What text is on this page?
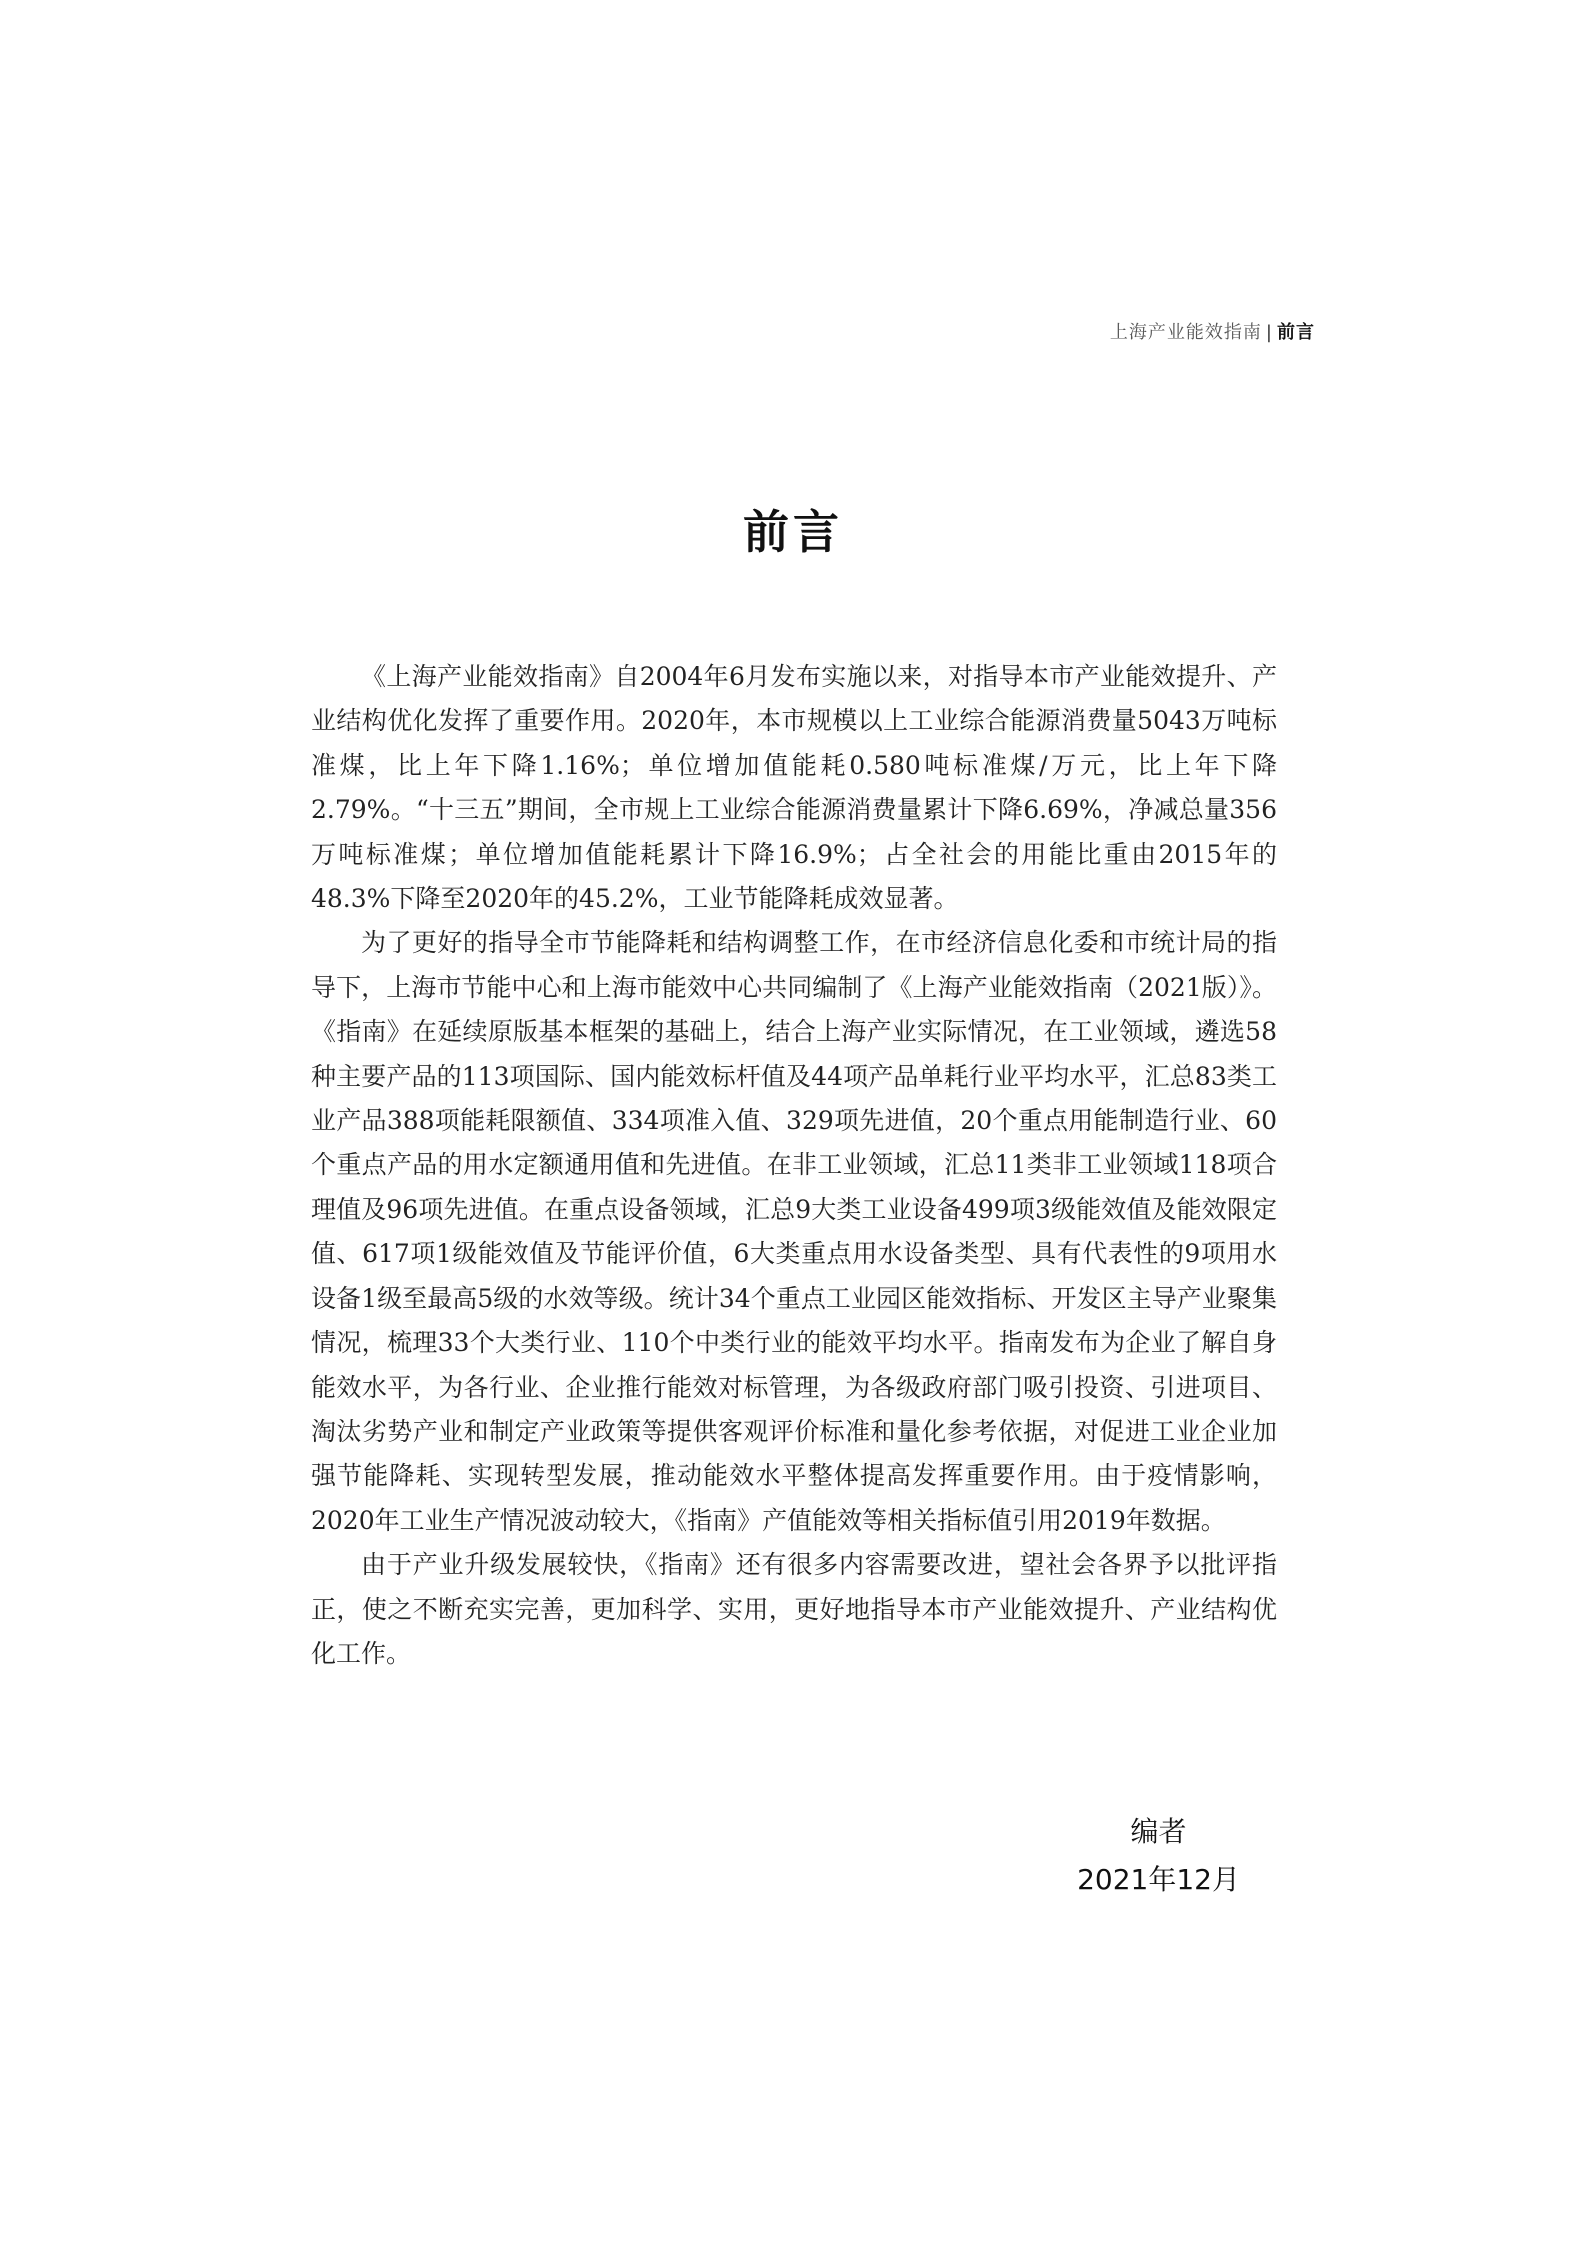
上海产业能效指南 | 前言
前言

《上海产业能效指南》自2004年6月发布实施以来，对指导本市产业能效提升、产业结构优化发挥了重要作用。2020年，本市规模以上工业综合能源消费量5043万吨标准煤，比上年下降1.16%；单位增加值能耗0.580吨标准煤/万元，比上年下降2.79%。“十三五”期间，全市规上工业综合能源消费量累计下降6.69%，净减总量356万吨标准煤；单位增加值能耗累计下降16.9%；占全社会的用能比重由2015年的48.3%下降至2020年的45.2%，工业节能降耗成效显著。

为了更好的指导全市节能降耗和结构调整工作，在市经济信息化委和市统计局的指导下，上海市节能中心和上海市能效中心共同编制了《上海产业能效指南（2021版）》。《指南》在延续原版基本框架的基础上，结合上海产业实际情况，在工业领域，遴选58种主要产品的113项国际、国内能效标杆值及44项产品单耗行业平均水平，汇总83类工业产品388项能耗限额值、334项准入值、329项先进值，20个重点用能制造行业、60个重点产品的用水定额通用值和先进值。在非工业领域，汇总11类非工业领域118项合理值及96项先进值。在重点设备领域，汇总9大类工业设备499项3级能效值及能效限定值、617项1级能效值及节能评价值，6大类重点用水设备类型、具有代表性的9项用水设备1级至最高5级的水效等级。统计34个重点工业园区能效指标、开发区主导产业聚集情况，梳理33个大类行业、110个中类行业的能效平均水平。指南发布为企业了解自身能效水平，为各行业、企业推行能效对标管理，为各级政府部门吸引投资、引进项目、淘汰劣势产业和制定产业政策等提供客观评价标准和量化参考依据，对促进工业企业加强节能降耗、实现转型发展，推动能效水平整体提高发挥重要作用。由于疫情影响，2020年工业生产情况波动较大，《指南》产值能效等相关指标值引用2019年数据。

由于产业升级发展较快，《指南》还有很多内容需要改进，望社会各界予以批评指正，使之不断充实完善，更加科学、实用，更好地指导本市产业能效提升、产业结构优化工作。

编者
2021年12月
